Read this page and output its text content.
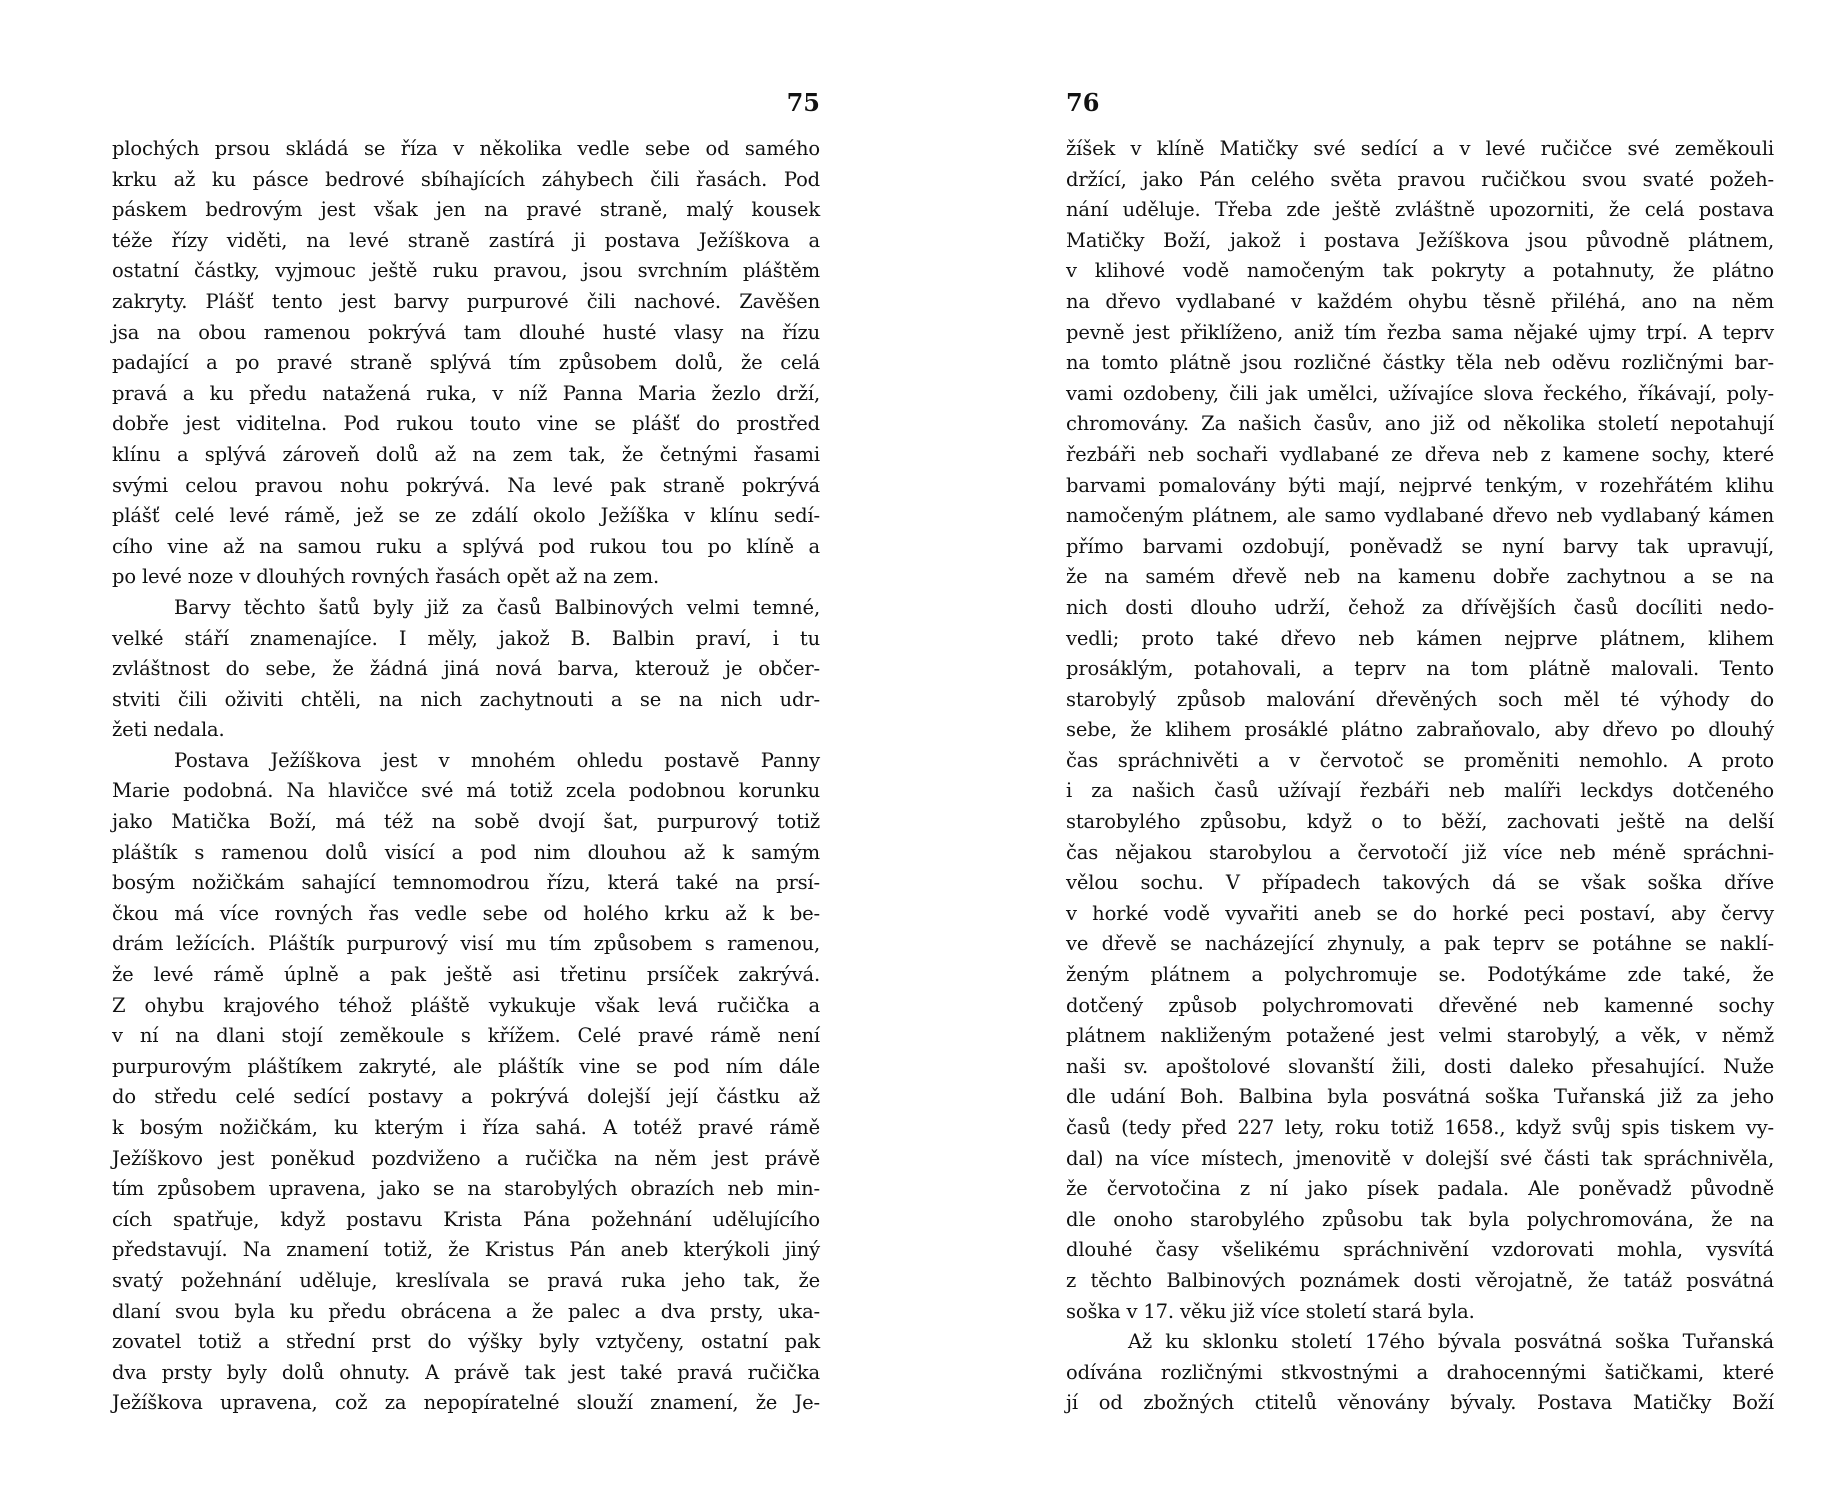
75
plochých prsou skládá se říza v několika vedle sebe od samého
krku až ku pásce bedrové sbíhajících záhybech čili řasách. Pod
páskem bedrovým jest však jen na pravé straně, malý kousek
téže řízy viděti, na levé straně zastírá ji postava Ježíškova a
ostatní částky, vyjmouc ještě ruku pravou, jsou svrchním pláštěm
zakryty. Plášť tento jest barvy purpurové čili nachové. Zavěšen
jsa na obou ramenou pokrývá tam dlouhé husté vlasy na řízu
padající a po pravé straně splývá tím způsobem dolů, že celá
pravá a ku předu natažená ruka, v níž Panna Maria žezlo drží,
dobře jest viditelna. Pod rukou touto vine se plášť do prostřed
klínu a splývá zároveň dolů až na zem tak, že četnými řasami
svými celou pravou nohu pokrývá. Na levé pak straně pokrývá
plášť celé levé rámě, jež se ze zdálí okolo Ježíška v klínu sedí-
cího vine až na samou ruku a splývá pod rukou tou po klíně a
po levé noze v dlouhých rovných řasách opět až na zem.
Barvy těchto šatů byly již za časů Balbinových velmi temné,
velké stáří znamenajíce. I měly, jakož B. Balbin praví, i tu
zvláštnost do sebe, že žádná jiná nová barva, kterouž je občer-
stviti čili oživiti chtěli, na nich zachytnouti a se na nich udr-
žeti nedala.
Postava Ježíškova jest v mnohém ohledu postavě Panny
Marie podobná. Na hlavičce své má totiž zcela podobnou korunku
jako Matička Boží, má též na sobě dvojí šat, purpurový totiž
pláštík s ramenou dolů visící a pod nim dlouhou až k samým
bosým nožičkám sahající temnomodrou řízu, která také na prsí-
čkou má více rovných řas vedle sebe od holého krku až k be-
drám ležících. Pláštík purpurový visí mu tím způsobem s ramenou,
že levé rámě úplně a pak ještě asi třetinu prsíček zakrývá.
Z ohybu krajového téhož pláště vykukuje však levá ručička a
v ní na dlani stojí zeměkoule s křížem. Celé pravé rámě není
purpurovým pláštíkem zakryté, ale pláštík vine se pod ním dále
do středu celé sedící postavy a pokrývá dolejší její částku až
k bosým nožičkám, ku kterým i říza sahá. A totéž pravé rámě
Ježíškovo jest poněkud pozdviženo a ručička na něm jest právě
tím způsobem upravena, jako se na starobylých obrazích neb min-
cích spatřuje, když postavu Krista Pána požehnání udělujícího
představují. Na znamení totiž, že Kristus Pán aneb kterýkoli jiný
svatý požehnání uděluje, kreslívala se pravá ruka jeho tak, že
dlaní svou byla ku předu obrácena a že palec a dva prsty, uka-
zovatel totiž a střední prst do výšky byly vztyčeny, ostatní pak
dva prsty byly dolů ohnuty. A právě tak jest také pravá ručička
Ježíškova upravena, což za nepopíratelné slouží znamení, že Je-
76
žíšek v klíně Matičky své sedící a v levé ručičce své zeměkouli
držící, jako Pán celého světa pravou ručičkou svou svaté požeh-
nání uděluje. Třeba zde ještě zvláštně upozorniti, že celá postava
Matičky Boží, jakož i postava Ježíškova jsou původně plátnem,
v klihové vodě namočeným tak pokryty a potahnuty, že plátno
na dřevo vydlabané v každém ohybu těsně přiléhá, ano na něm
pevně jest přiklíženo, aniž tím řezba sama nějaké ujmy trpí. A teprv
na tomto plátně jsou rozličné částky těla neb oděvu rozličnými bar-
vami ozdobeny, čili jak umělci, užívajíce slova řeckého, říkávají, poly-
chromovány. Za našich časův, ano již od několika století nepotahují
řezbáři neb sochaři vydlabané ze dřeva neb z kamene sochy, které
barvami pomalovány býti mají, nejprvé tenkým, v rozehřátém klihu
namočeným plátnem, ale samo vydlabané dřevo neb vydlabaný kámen
přímo barvami ozdobují, poněvadž se nyní barvy tak upravují,
že na samém dřevě neb na kamenu dobře zachytnou a se na
nich dosti dlouho udrží, čehož za dřívějších časů docíliti nedo-
vedli; proto také dřevo neb kámen nejprve plátnem, klihem
prosáklým, potahovali, a teprv na tom plátně malovali. Tento
starobylý způsob malování dřevěných soch měl té výhody do
sebe, že klihem prosáklé plátno zabraňovalo, aby dřevo po dlouhý
čas spráchnivěti a v červotoč se proměniti nemohlo. A proto
i za našich časů užívají řezbáři neb malíři leckdys dotčeného
starobylého způsobu, když o to běží, zachovati ještě na delší
čas nějakou starobylou a červotočí již více neb méně spráchni-
vělou sochu. V případech takových dá se však soška dříve
v horké vodě vyvařiti aneb se do horké peci postaví, aby červy
ve dřevě se nacházející zhynuly, a pak teprv se potáhne se naklí-
ženým plátnem a polychromuje se. Podotýkáme zde také, že
dotčený způsob polychromovati dřevěné neb kamenné sochy
plátnem nakliženým potažené jest velmi starobylý, a věk, v němž
naši sv. apoštolové slovanští žili, dosti daleko přesahující. Nuže
dle udání Boh. Balbina byla posvátná soška Tuřanská již za jeho
časů (tedy před 227 lety, roku totiž 1658., když svůj spis tiskem vy-
dal) na více místech, jmenovitě v dolejší své části tak spráchnivěla,
že červotočina z ní jako písek padala. Ale poněvadž původně
dle onoho starobylého způsobu tak byla polychromována, že na
dlouhé časy všelikému spráchnivění vzdorovati mohla, vysvítá
z těchto Balbinových poznámek dosti věrojatně, že tatáž posvátná
soška v 17. věku již více století stará byla.
Až ku sklonku století 17ého bývala posvátná soška Tuřanská
odívána rozličnými stkvostnými a drahocennými šatičkami, které
jí od zbožných ctitelů věnovány bývaly. Postava Matičky Boží
